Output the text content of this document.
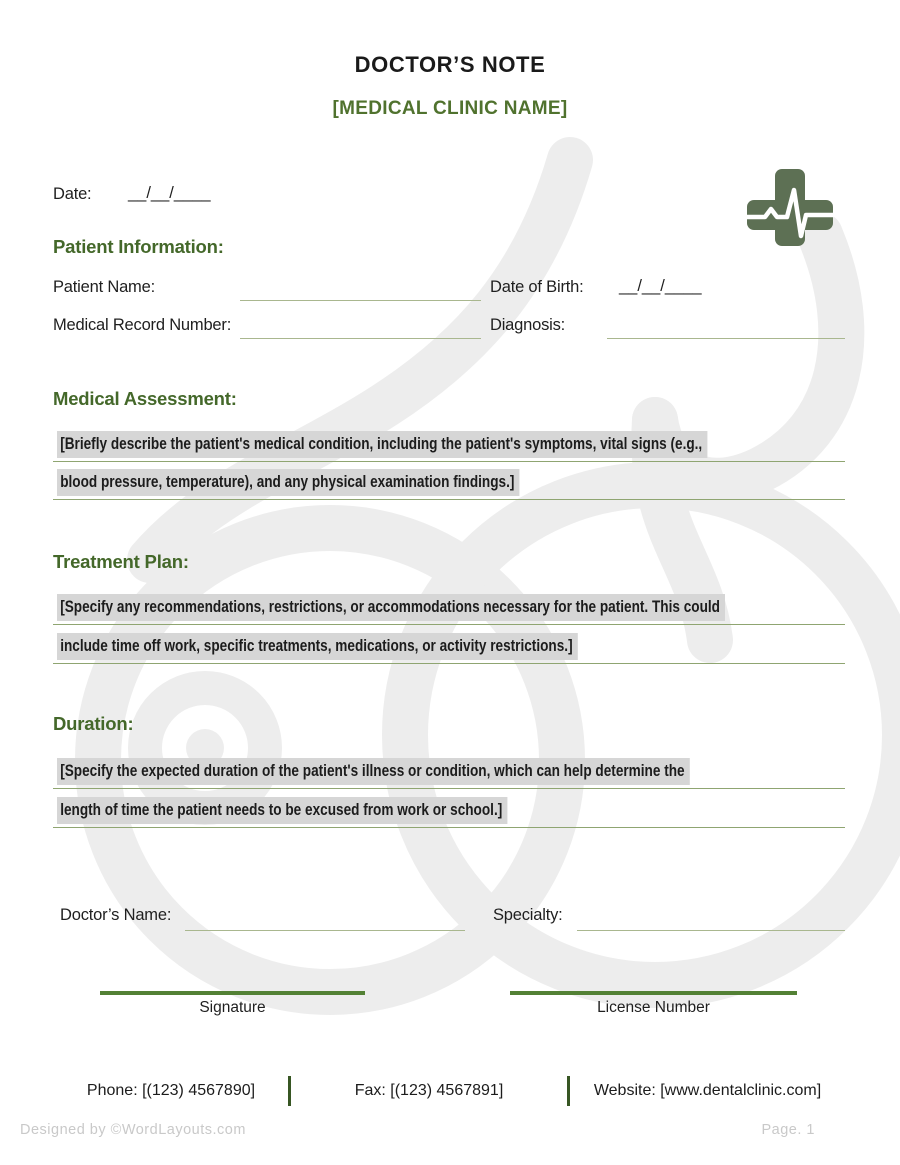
DOCTOR’S NOTE
[MEDICAL CLINIC NAME]
Date: __/__/____
Patient Information:
Patient Name:	Date of Birth: __/__/____
Medical Record Number:	Diagnosis:
Medical Assessment:
[Briefly describe the patient's medical condition, including the patient's symptoms, vital signs (e.g.,
blood pressure, temperature), and any physical examination findings.]
Treatment Plan:
[Specify any recommendations, restrictions, or accommodations necessary for the patient. This could
include time off work, specific treatments, medications, or activity restrictions.]
Duration:
[Specify the expected duration of the patient's illness or condition, which can help determine the
length of time the patient needs to be excused from work or school.]
Doctor’s Name:	Specialty:
Signature	License Number
Phone: [(123) 4567890]	Fax: [(123) 4567891]	Website: [www.dentalclinic.com]
Designed by ©WordLayouts.com	Page. 1
